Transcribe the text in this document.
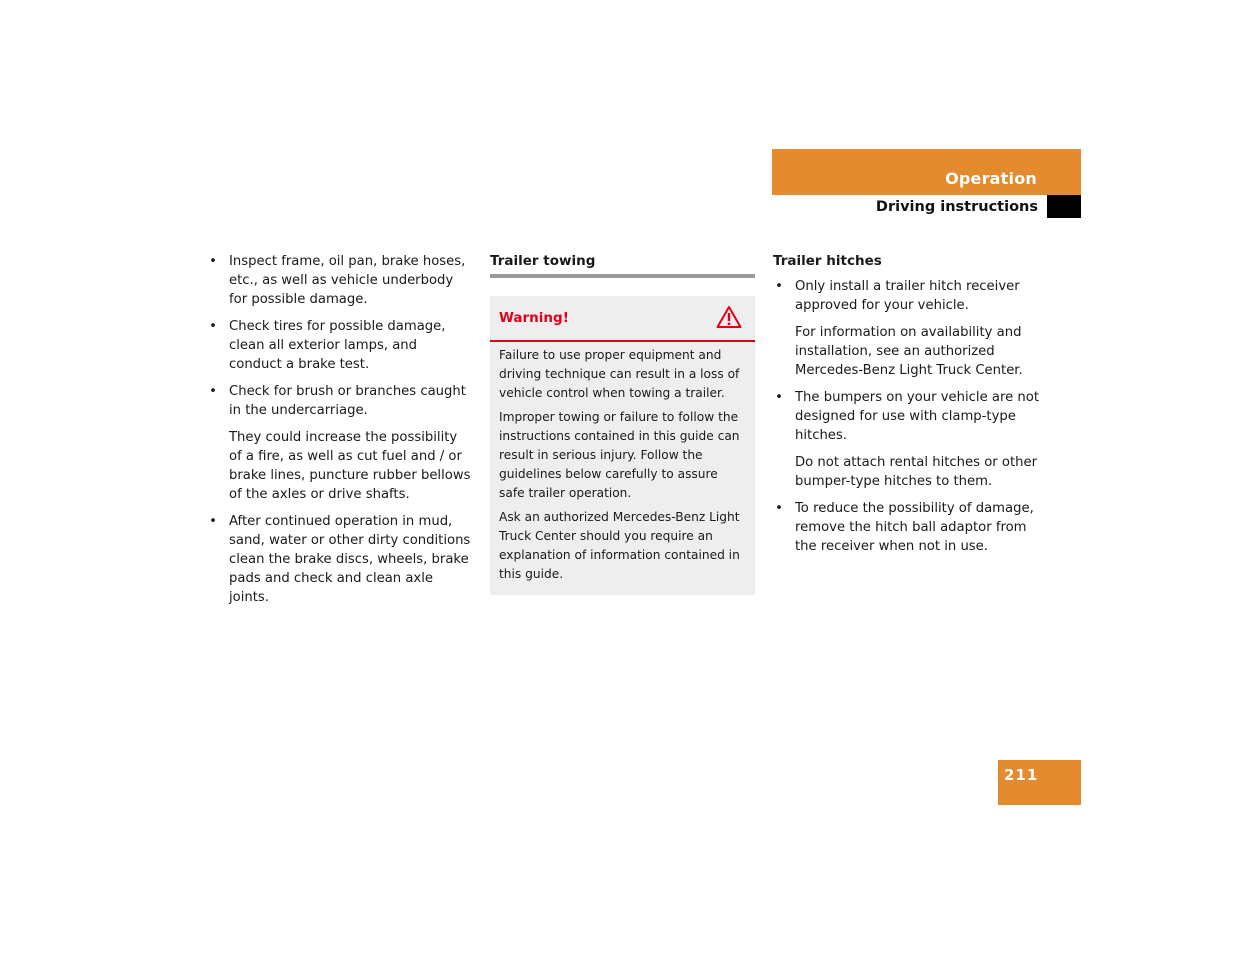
Operation
Driving instructions
• Inspect frame, oil pan, brake hoses, etc., as well as vehicle underbody for possible damage.

• Check tires for possible damage, clean all exterior lamps, and conduct a brake test.

• Check for brush or branches caught in the undercarriage.

They could increase the possibility of a fire, as well as cut fuel and / or brake lines, puncture rubber bellows of the axles or drive shafts.

• After continued operation in mud, sand, water or other dirty conditions clean the brake discs, wheels, brake pads and check and clean axle joints.

Trailer towing
Warning!

Failure to use proper equipment and driving technique can result in a loss of vehicle control when towing a trailer.

Improper towing or failure to follow the instructions contained in this guide can result in serious injury. Follow the guidelines below carefully to assure safe trailer operation.

Ask an authorized Mercedes-Benz Light Truck Center should you require an explanation of information contained in this guide.

Trailer hitches
• Only install a trailer hitch receiver approved for your vehicle.

For information on availability and installation, see an authorized Mercedes-Benz Light Truck Center.

• The bumpers on your vehicle are not designed for use with clamp-type hitches.

Do not attach rental hitches or other bumper-type hitches to them.

• To reduce the possibility of damage, remove the hitch ball adaptor from the receiver when not in use.

211
